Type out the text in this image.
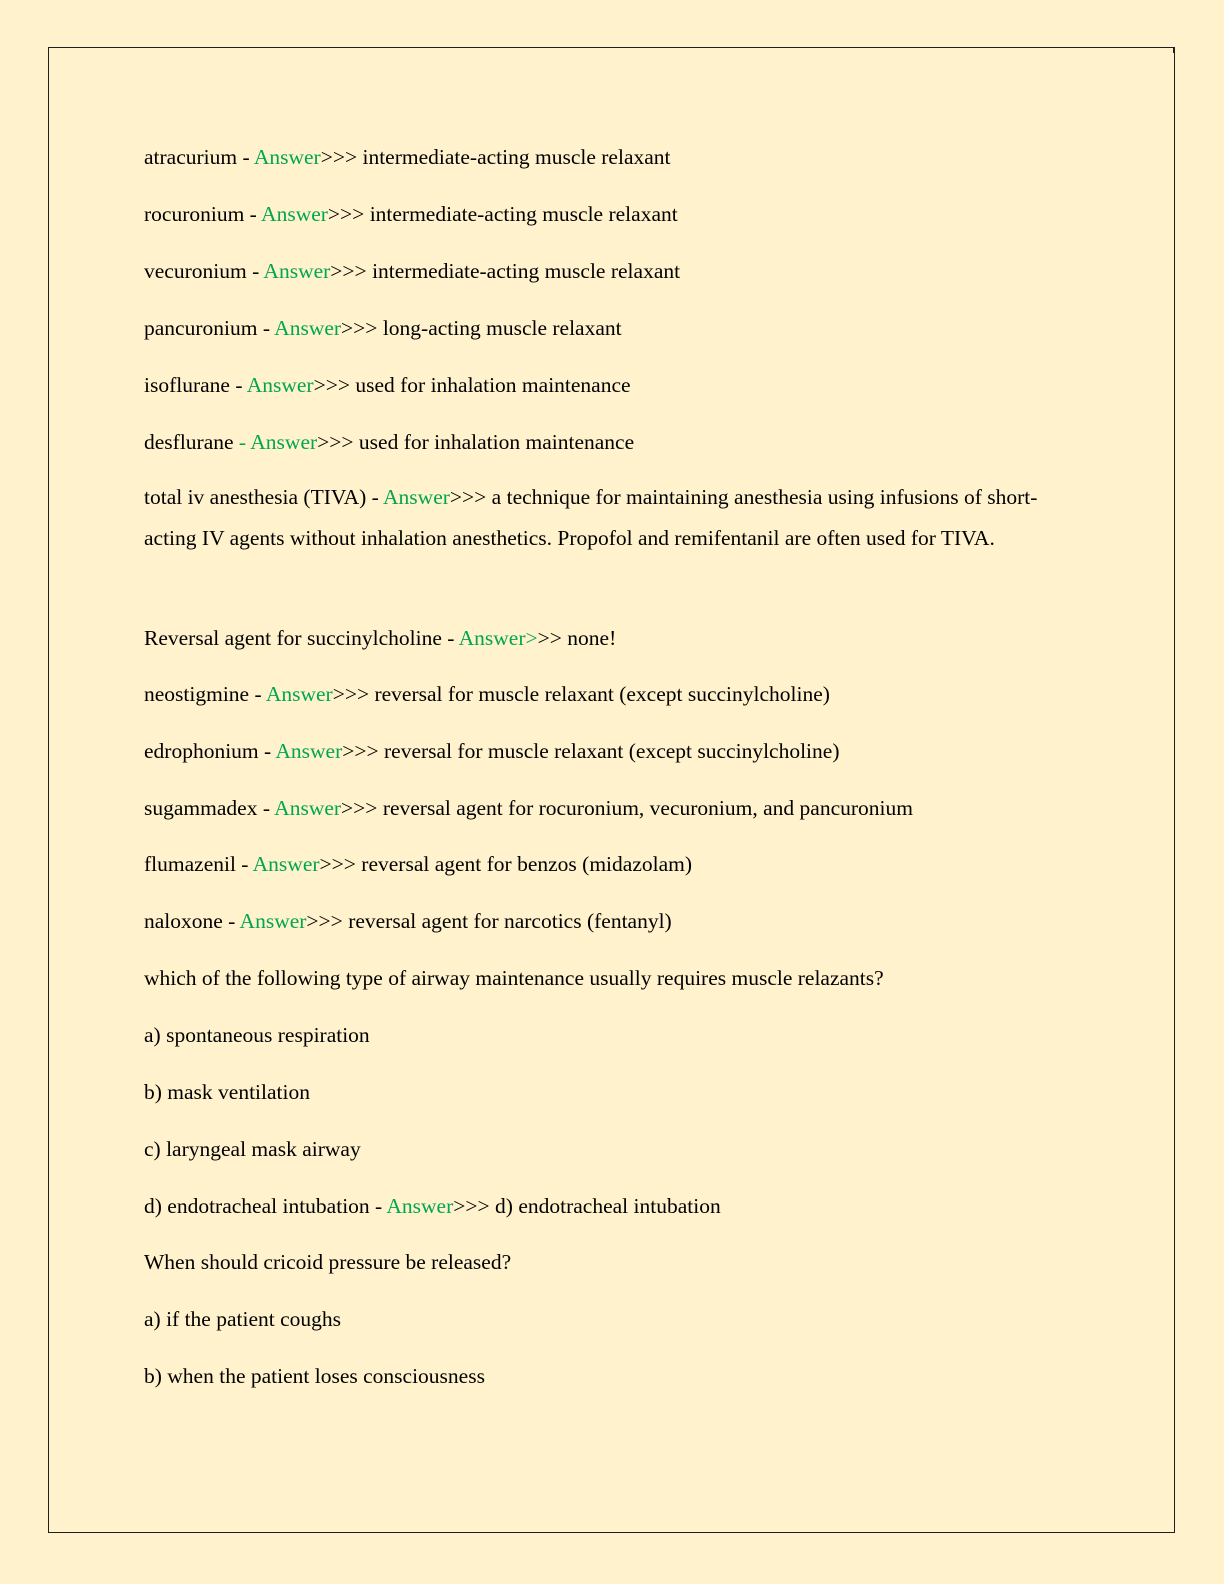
atracurium - Answer>>> intermediate-acting muscle relaxant
rocuronium - Answer>>> intermediate-acting muscle relaxant
vecuronium - Answer>>> intermediate-acting muscle relaxant
pancuronium - Answer>>> long-acting muscle relaxant
isoflurane - Answer>>> used for inhalation maintenance
desflurane - Answer>>> used for inhalation maintenance
total iv anesthesia (TIVA) - Answer>>> a technique for maintaining anesthesia using infusions of short-acting IV agents without inhalation anesthetics. Propofol and remifentanil are often used for TIVA.
Reversal agent for succinylcholine - Answer>>> none!
neostigmine - Answer>>> reversal for muscle relaxant (except succinylcholine)
edrophonium - Answer>>> reversal for muscle relaxant (except succinylcholine)
sugammadex - Answer>>> reversal agent for rocuronium, vecuronium, and pancuronium
flumazenil - Answer>>> reversal agent for benzos (midazolam)
naloxone - Answer>>> reversal agent for narcotics (fentanyl)
which of the following type of airway maintenance usually requires muscle relazants?
a) spontaneous respiration
b) mask ventilation
c) laryngeal mask airway
d) endotracheal intubation - Answer>>> d) endotracheal intubation
When should cricoid pressure be released?
a) if the patient coughs
b) when the patient loses consciousness
